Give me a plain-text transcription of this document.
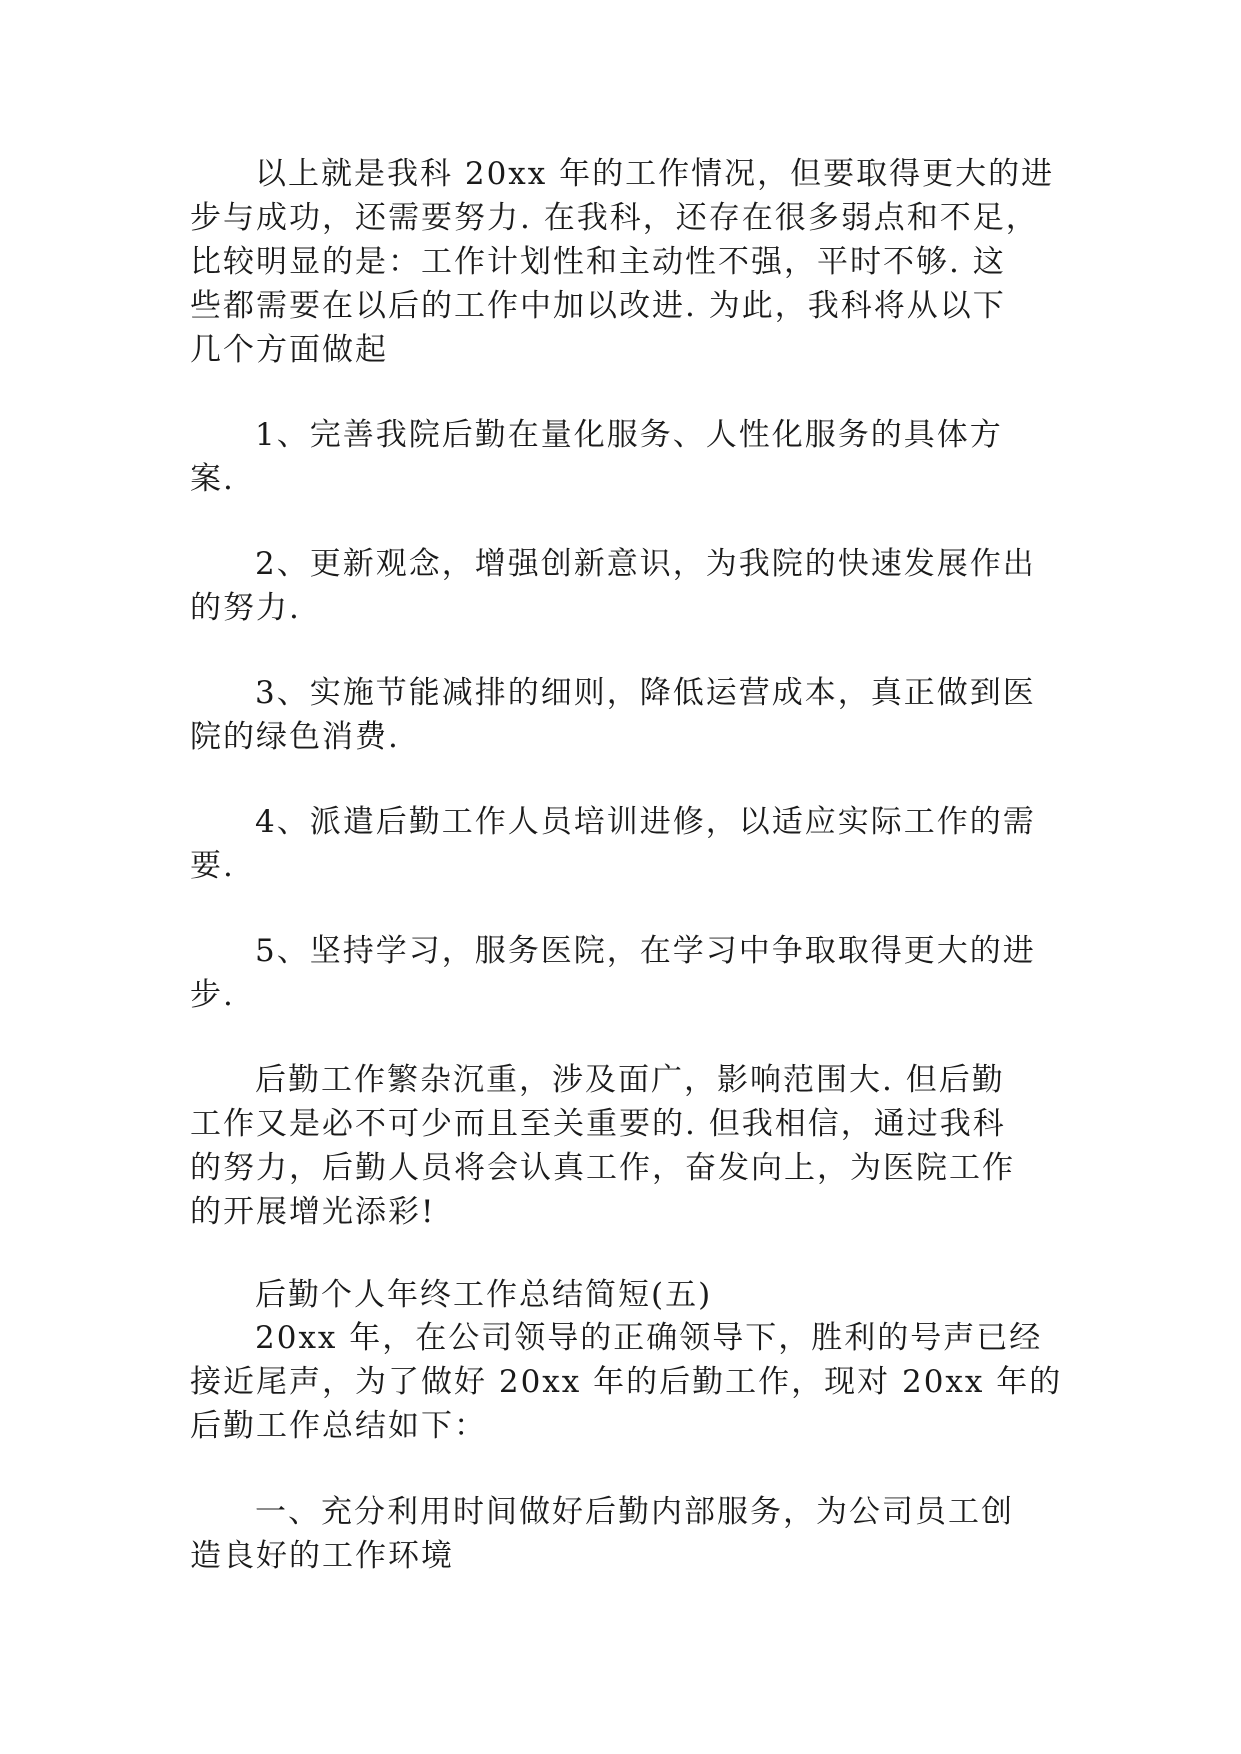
以上就是我科 20xx 年的工作情况，但要取得更大的进
步与成功，还需要努力. 在我科，还存在很多弱点和不足，
比较明显的是：工作计划性和主动性不强，平时不够. 这
些都需要在以后的工作中加以改进. 为此，我科将从以下
几个方面做起
1、完善我院后勤在量化服务、人性化服务的具体方
案.
2、更新观念，增强创新意识，为我院的快速发展作出
的努力.
3、实施节能减排的细则，降低运营成本，真正做到医
院的绿色消费.
4、派遣后勤工作人员培训进修，以适应实际工作的需
要.
5、坚持学习，服务医院，在学习中争取取得更大的进
步.
后勤工作繁杂沉重，涉及面广，影响范围大. 但后勤
工作又是必不可少而且至关重要的. 但我相信，通过我科
的努力，后勤人员将会认真工作，奋发向上，为医院工作
的开展增光添彩!
后勤个人年终工作总结简短(五)
20xx 年，在公司领导的正确领导下，胜利的号声已经
接近尾声，为了做好 20xx 年的后勤工作，现对 20xx 年的
后勤工作总结如下：
一、充分利用时间做好后勤内部服务，为公司员工创
造良好的工作环境
